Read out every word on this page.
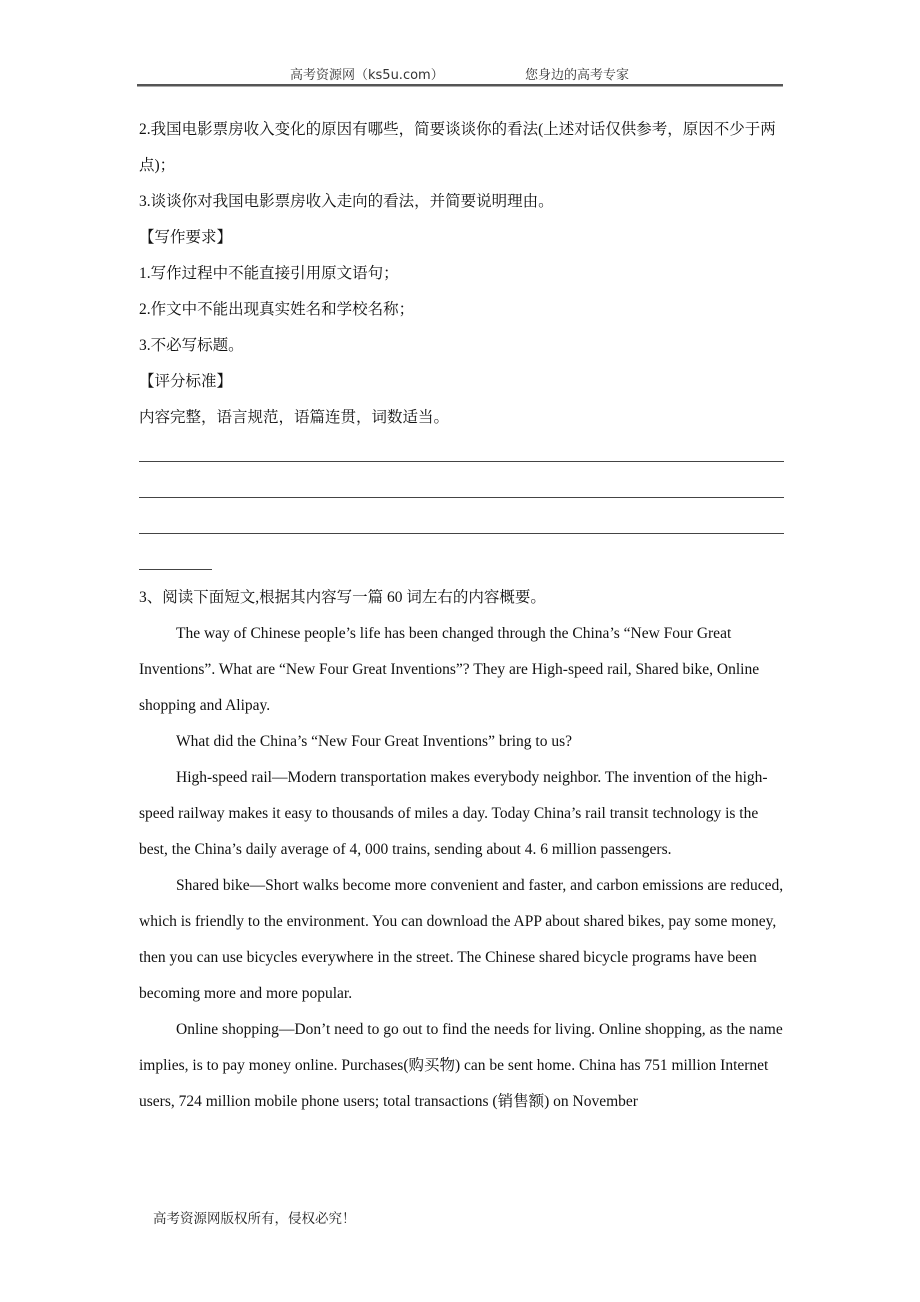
高考资源网（ks5u.com）	您身边的高考专家

2.我国电影票房收入变化的原因有哪些，简要谈谈你的看法(上述对话仅供参考，原因不少于两点)；

3.谈谈你对我国电影票房收入走向的看法，并简要说明理由。

【写作要求】

1.写作过程中不能直接引用原文语句；

2.作文中不能出现真实姓名和学校名称；

3.不必写标题。

【评分标准】

内容完整，语言规范，语篇连贯，词数适当。

3、阅读下面短文,根据其内容写一篇 60 词左右的内容概要。

The way of Chinese people’s life has been changed through the China’s “New Four Great Inventions”. What are “New Four Great Inventions”? They are High-speed rail, Shared bike, Online shopping and Alipay.

What did the China’s “New Four Great Inventions” bring to us?

High-speed rail—Modern transportation makes everybody neighbor. The invention of the high-speed railway makes it easy to thousands of miles a day. Today China’s rail transit technology is the best, the China’s daily average of 4, 000 trains, sending about 4. 6 million passengers.

Shared bike—Short walks become more convenient and faster, and carbon emissions are reduced, which is friendly to the environment. You can download the APP about shared bikes, pay some money, then you can use bicycles everywhere in the street. The Chinese shared bicycle programs have been becoming more and more popular.

Online shopping—Don’t need to go out to find the needs for living. Online shopping, as the name implies, is to pay money online. Purchases(购买物) can be sent home. China has 751 million Internet users, 724 million mobile phone users; total transactions (销售额) on November

高考资源网版权所有，侵权必究！
